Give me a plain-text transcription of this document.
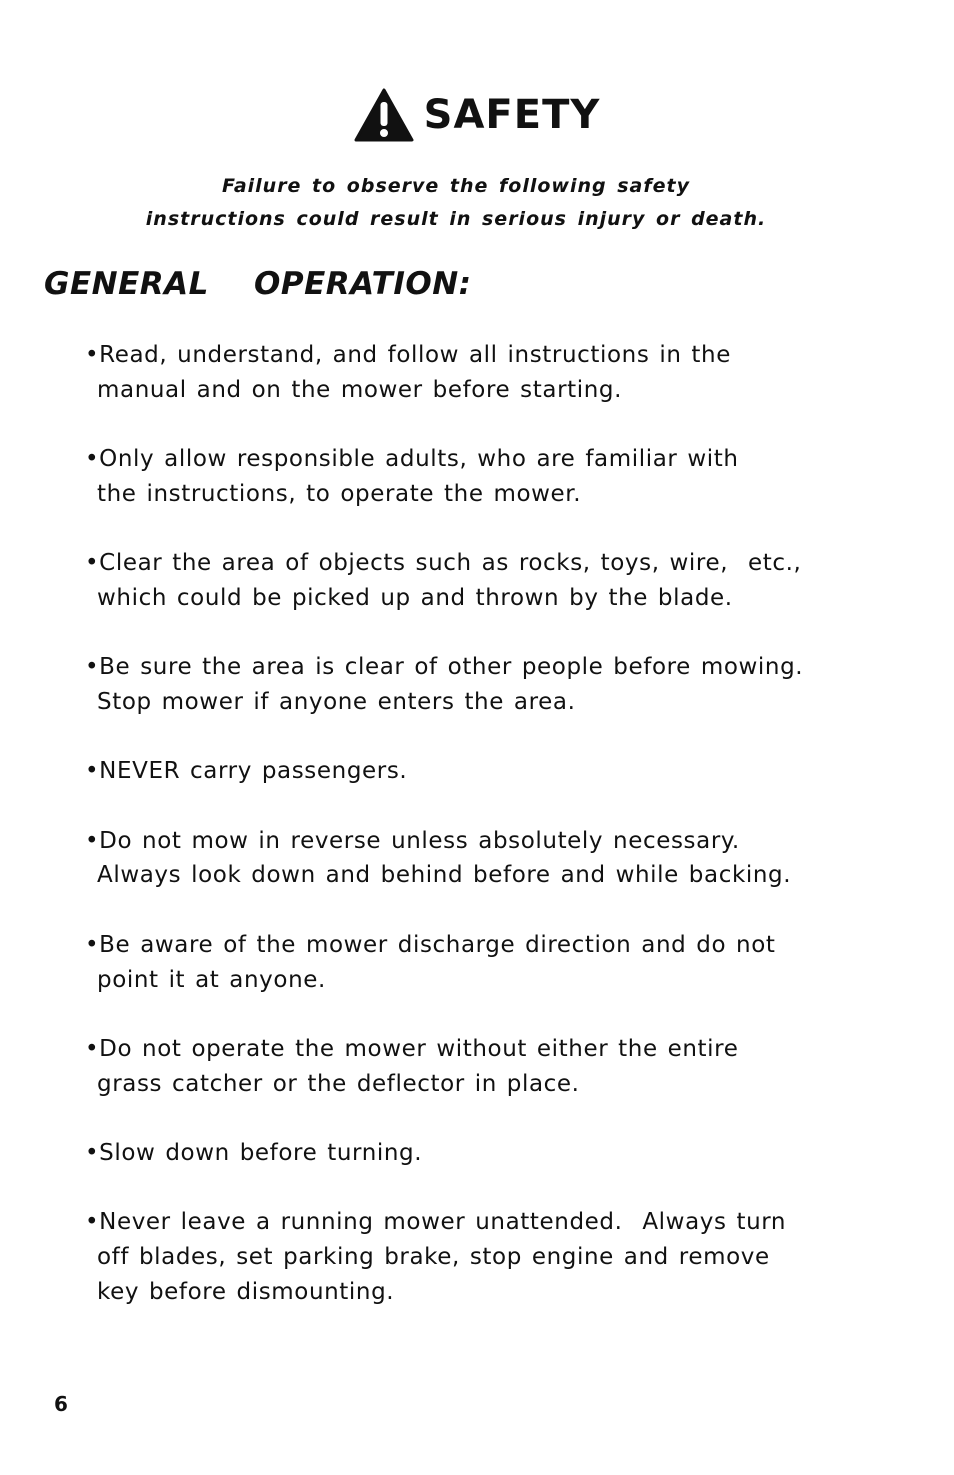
SAFETY
Failure to observe the following safety
instructions could result in serious injury or death.
GENERAL    OPERATION:
•Read, understand, and follow all instructions in the
manual and on the mower before starting.
•Only allow responsible adults, who are familiar with
the instructions, to operate the mower.
•Clear the area of objects such as rocks, toys, wire,  etc.,
which could be picked up and thrown by the blade.
•Be sure the area is clear of other people before mowing.
Stop mower if anyone enters the area.
•NEVER carry passengers.
•Do not mow in reverse unless absolutely necessary.
Always look down and behind before and while backing.
•Be aware of the mower discharge direction and do not
point it at anyone.
•Do not operate the mower without either the entire
grass catcher or the deflector in place.
•Slow down before turning.
•Never leave a running mower unattended.  Always turn
off blades, set parking brake, stop engine and remove
key before dismounting.
6
